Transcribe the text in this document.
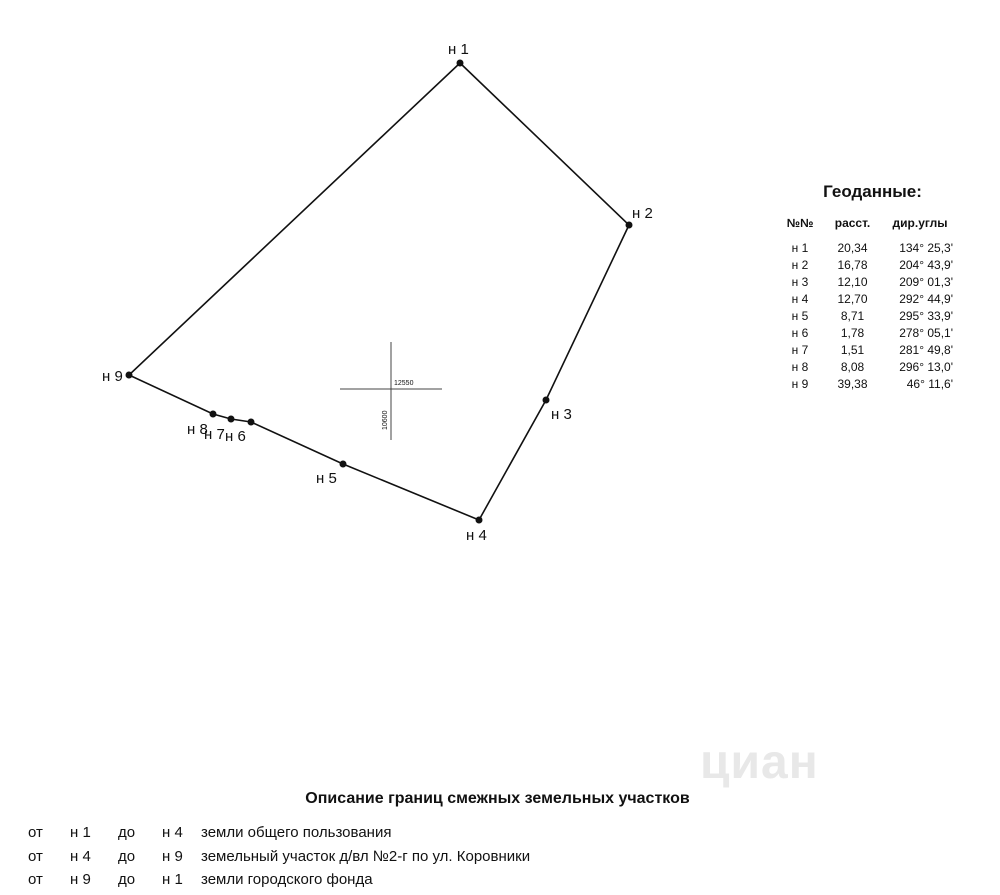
12550
10600
н 1
н 2
н 3
н 4
н 5
н 6
н 7
н 8
н 9
Геоданные:
№№	расст.	дир.углы
н 1	20,34	134° 25,3'
н 2	16,78	204° 43,9'
н 3	12,10	209° 01,3'
н 4	12,70	292° 44,9'
н 5	8,71	295° 33,9'
н 6	1,78	278° 05,1'
н 7	1,51	281° 49,8'
н 8	8,08	296° 13,0'
н 9	39,38	46° 11,6'
циан
Описание границ смежных земельных участков
от н 1 до н 4 земли общего пользования
от н 4 до н 9 земельный участок д/вл №2-г по ул. Коровники
от н 9 до н 1 земли городского фонда
